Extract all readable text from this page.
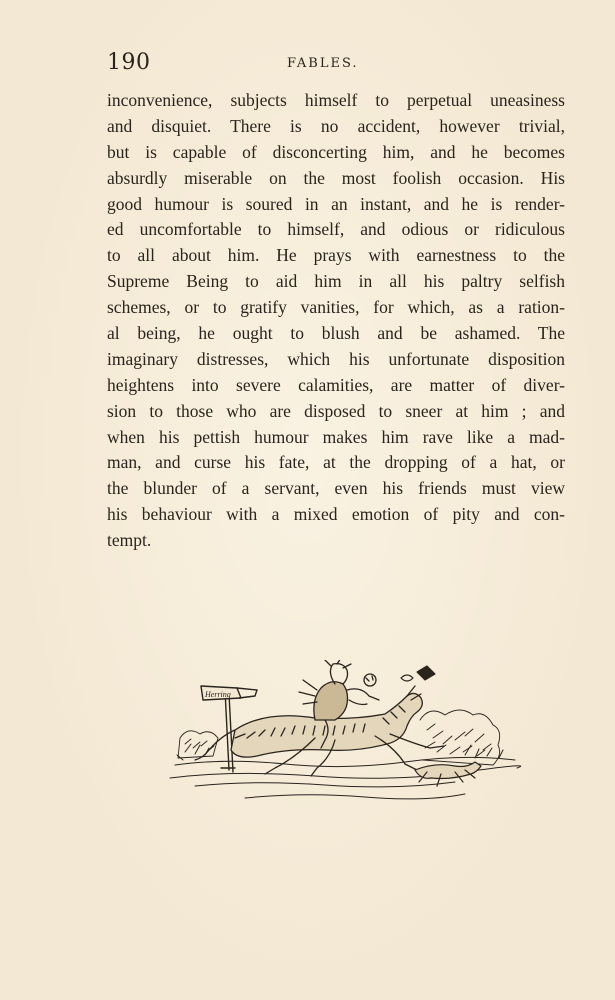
190	FABLES.
inconvenience, subjects himself to perpetual uneasiness
and disquiet. There is no accident, however trivial,
but is capable of disconcerting him, and he becomes
absurdly miserable on the most foolish occasion. His
good humour is soured in an instant, and he is render-
ed uncomfortable to himself, and odious or ridiculous
to all about him. He prays with earnestness to the
Supreme Being to aid him in all his paltry selfish
schemes, or to gratify vanities, for which, as a ration-
al being, he ought to blush and be ashamed. The
imaginary distresses, which his unfortunate disposition
heightens into severe calamities, are matter of diver-
sion to those who are disposed to sneer at him ; and
when his pettish humour makes him rave like a mad-
man, and curse his fate, at the dropping of a hat, or
the blunder of a servant, even his friends must view
his behaviour with a mixed emotion of pity and con-
tempt.
Herring
